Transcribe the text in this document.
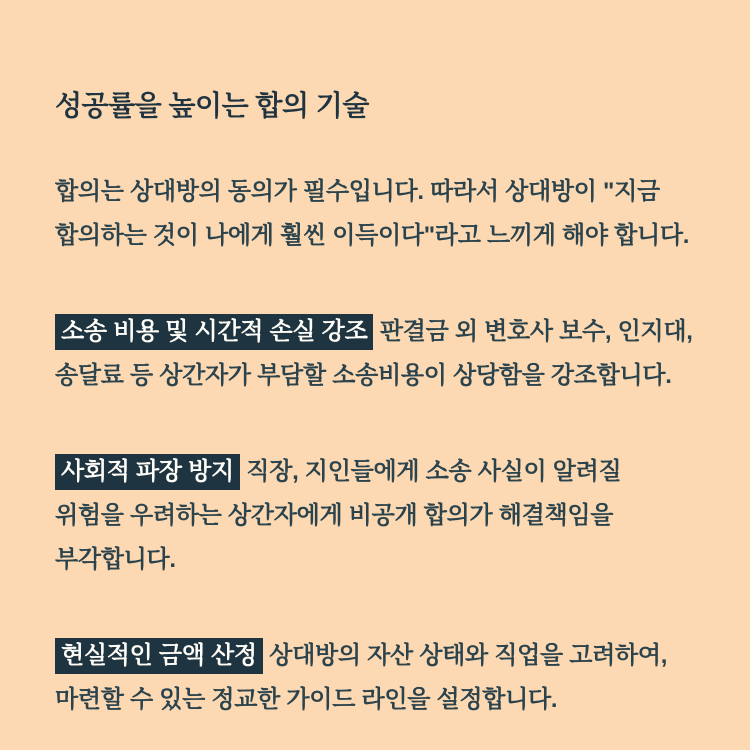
성공률을 높이는 합의 기술

합의는 상대방의 동의가 필수입니다. 따라서 상대방이 "지금 합의하는 것이 나에게 훨씬 이득이다"라고 느끼게 해야 합니다.

소송 비용 및 시간적 손실 강조 판결금 외 변호사 보수, 인지대, 송달료 등 상간자가 부담할 소송비용이 상당함을 강조합니다.

사회적 파장 방지 직장, 지인들에게 소송 사실이 알려질 위험을 우려하는 상간자에게 비공개 합의가 해결책임을 부각합니다.

현실적인 금액 산정 상대방의 자산 상태와 직업을 고려하여, 마련할 수 있는 정교한 가이드 라인을 설정합니다.
